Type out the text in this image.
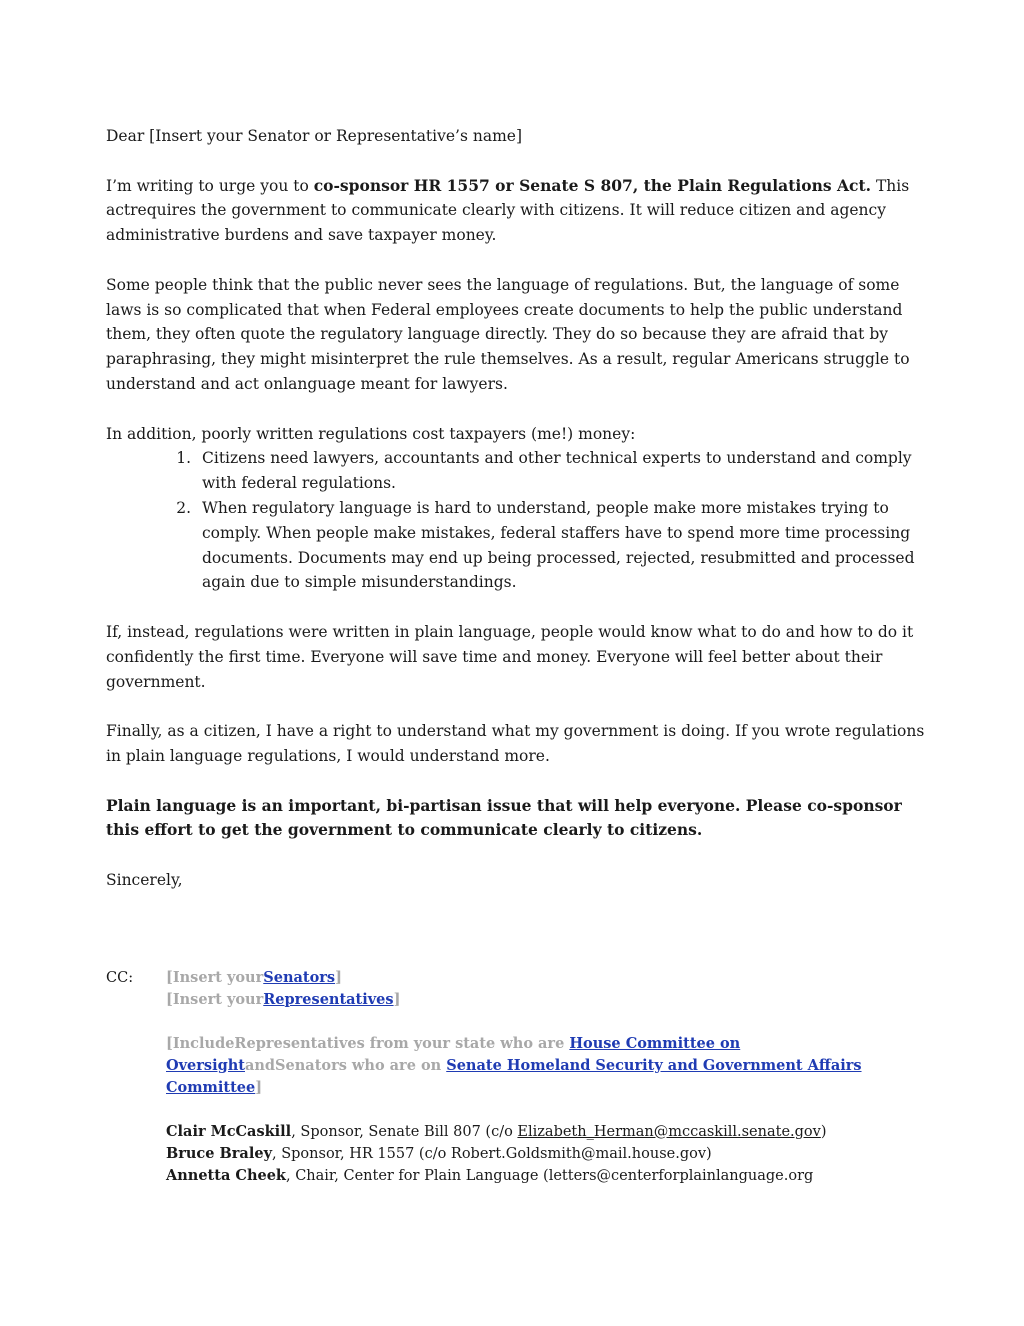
Dear [Insert your Senator or Representative’s name]

I’m writing to urge you to co-sponsor HR 1557 or Senate S 807, the Plain Regulations Act. This actrequires the government to communicate clearly with citizens. It will reduce citizen and agency administrative burdens and save taxpayer money.

Some people think that the public never sees the language of regulations. But, the language of some laws is so complicated that when Federal employees create documents to help the public understand them, they often quote the regulatory language directly. They do so because they are afraid that by paraphrasing, they might misinterpret the rule themselves. As a result, regular Americans struggle to understand and act onlanguage meant for lawyers.

In addition, poorly written regulations cost taxpayers (me!) money:

1. Citizens need lawyers, accountants and other technical experts to understand and comply with federal regulations.
2. When regulatory language is hard to understand, people make more mistakes trying to comply. When people make mistakes, federal staffers have to spend more time processing documents. Documents may end up being processed, rejected, resubmitted and processed again due to simple misunderstandings.

If, instead, regulations were written in plain language, people would know what to do and how to do it confidently the first time. Everyone will save time and money. Everyone will feel better about their government.

Finally, as a citizen, I have a right to understand what my government is doing. If you wrote regulations in plain language regulations, I would understand more.

Plain language is an important, bi-partisan issue that will help everyone. Please co-sponsor this effort to get the government to communicate clearly to citizens.

Sincerely,

CC: [Insert yourSenators]
[Insert yourRepresentatives]
[IncludeRepresentatives from your state who are House Committee on OversightandSenators who are on Senate Homeland Security and Government Affairs Committee]
Clair McCaskill, Sponsor, Senate Bill 807 (c/o Elizabeth_Herman@mccaskill.senate.gov)
Bruce Braley, Sponsor, HR 1557 (c/o Robert.Goldsmith@mail.house.gov)
Annetta Cheek, Chair, Center for Plain Language (letters@centerforplainlanguage.org
